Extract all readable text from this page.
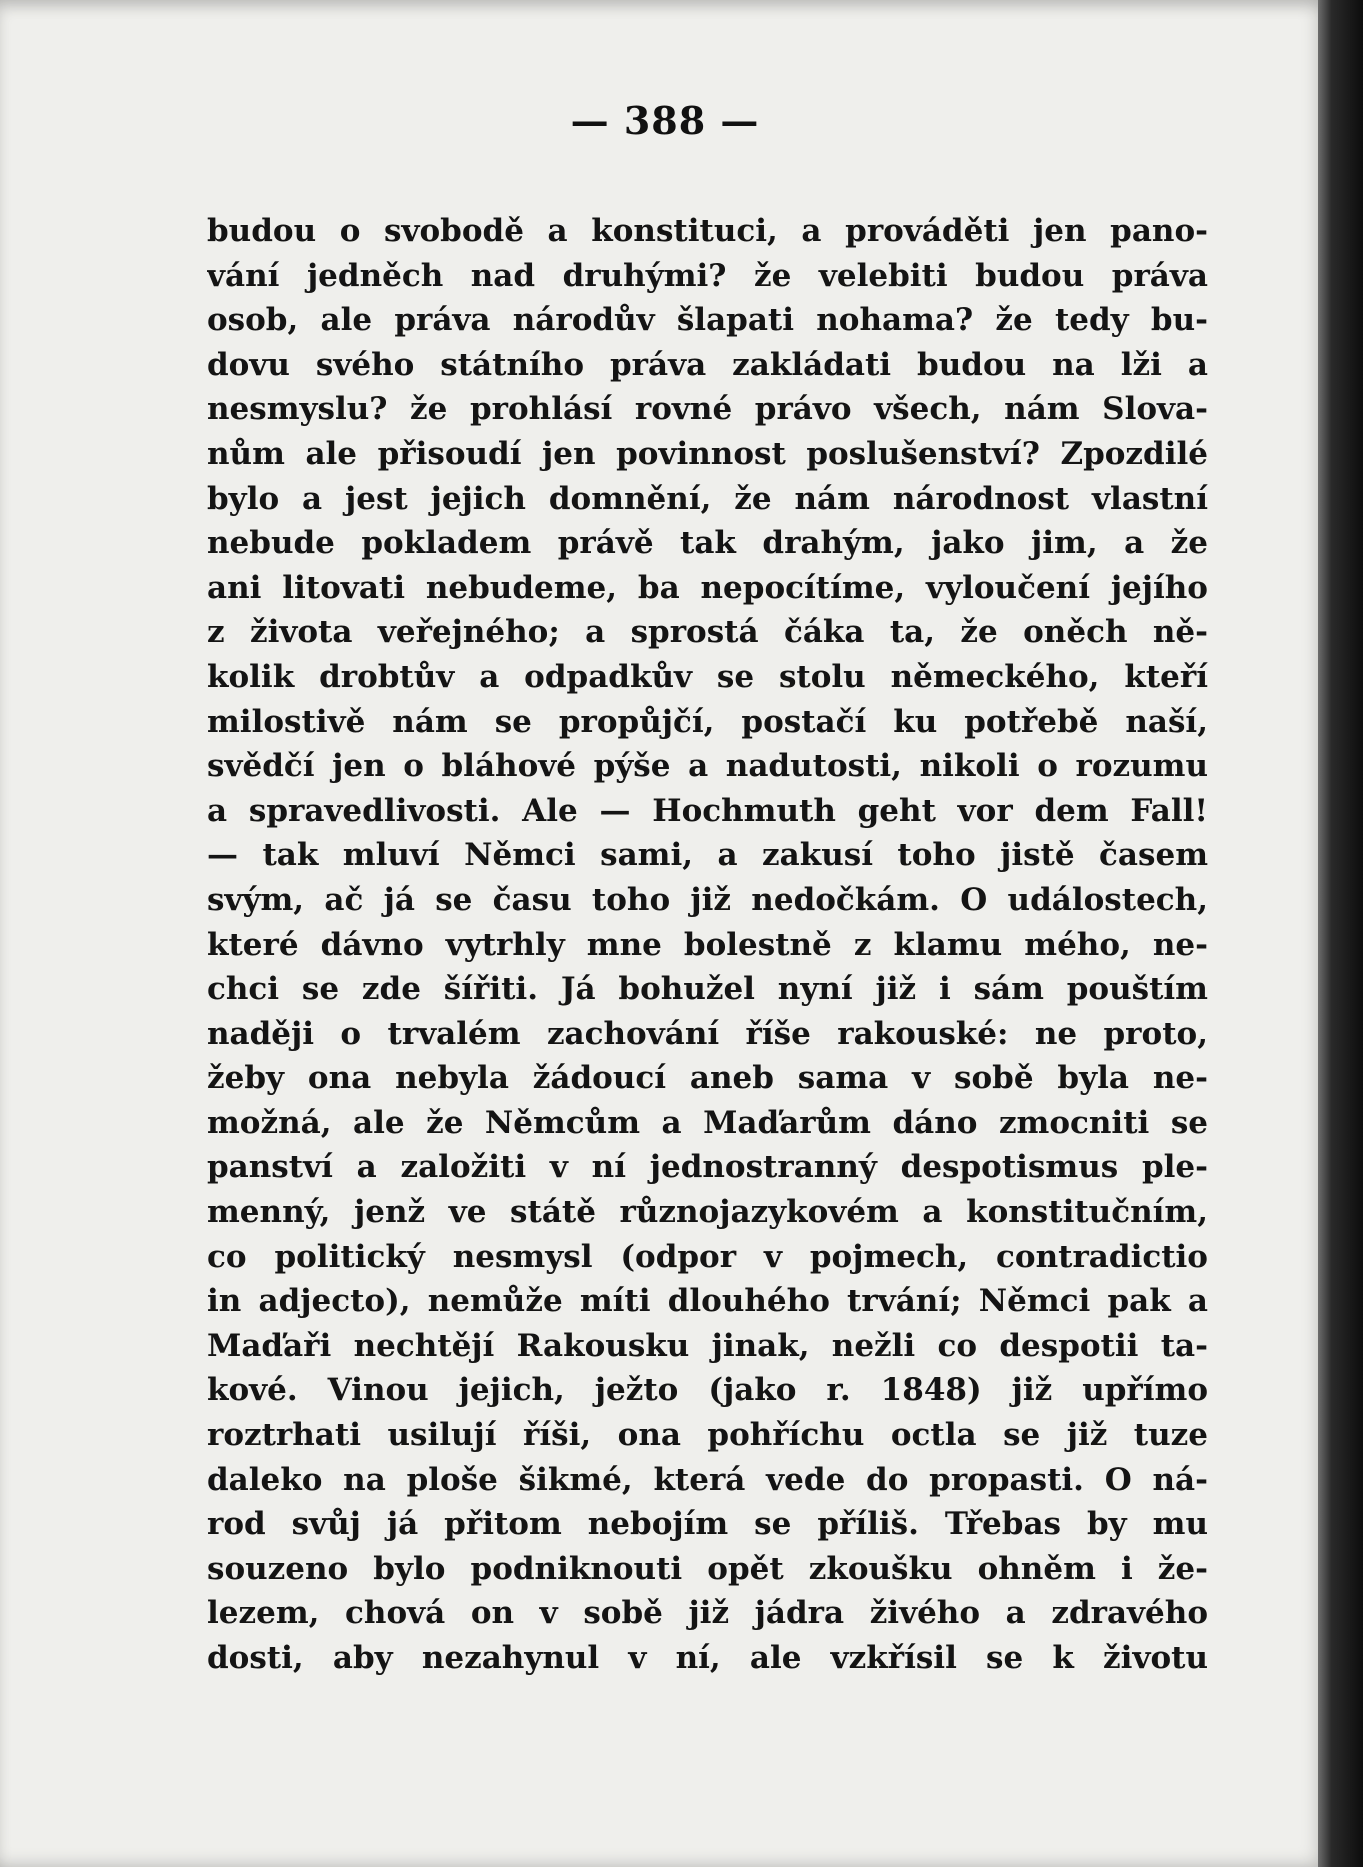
— 388 —
budou o svobodě a konstituci, a prováděti jen pano-
vání jedněch nad druhými? že velebiti budou práva
osob, ale práva národův šlapati nohama? že tedy bu-
dovu svého státního práva zakládati budou na lži a
nesmyslu? že prohlásí rovné právo všech, nám Slova-
nům ale přisoudí jen povinnost poslušenství? Zpozdilé
bylo a jest jejich domnění, že nám národnost vlastní
nebude pokladem právě tak drahým, jako jim, a že
ani litovati nebudeme, ba nepocítíme, vyloučení jejího
z života veřejného; a sprostá čáka ta, že oněch ně-
kolik drobtův a odpadkův se stolu německého, kteří
milostivě nám se propůjčí, postačí ku potřebě naší,
svědčí jen o bláhové pýše a nadutosti, nikoli o rozumu
a spravedlivosti. Ale — Hochmuth geht vor dem Fall!
— tak mluví Němci sami, a zakusí toho jistě časem
svým, ač já se času toho již nedočkám. O událostech,
které dávno vytrhly mne bolestně z klamu mého, ne-
chci se zde šířiti. Já bohužel nyní již i sám pouštím
naději o trvalém zachování říše rakouské: ne proto,
žeby ona nebyla žádoucí aneb sama v sobě byla ne-
možná, ale že Němcům a Maďarům dáno zmocniti se
panství a založiti v ní jednostranný despotismus ple-
menný, jenž ve státě různojazykovém a konstitučním,
co politický nesmysl (odpor v pojmech, contradictio
in adjecto), nemůže míti dlouhého trvání; Němci pak a
Maďaři nechtějí Rakousku jinak, nežli co despotii ta-
kové. Vinou jejich, ježto (jako r. 1848) již upřímo
roztrhati usilují říši, ona pohříchu octla se již tuze
daleko na ploše šikmé, která vede do propasti. O ná-
rod svůj já přitom nebojím se příliš. Třebas by mu
souzeno bylo podniknouti opět zkoušku ohněm i že-
lezem, chová on v sobě již jádra živého a zdravého
dosti, aby nezahynul v ní, ale vzkřísil se k životu
